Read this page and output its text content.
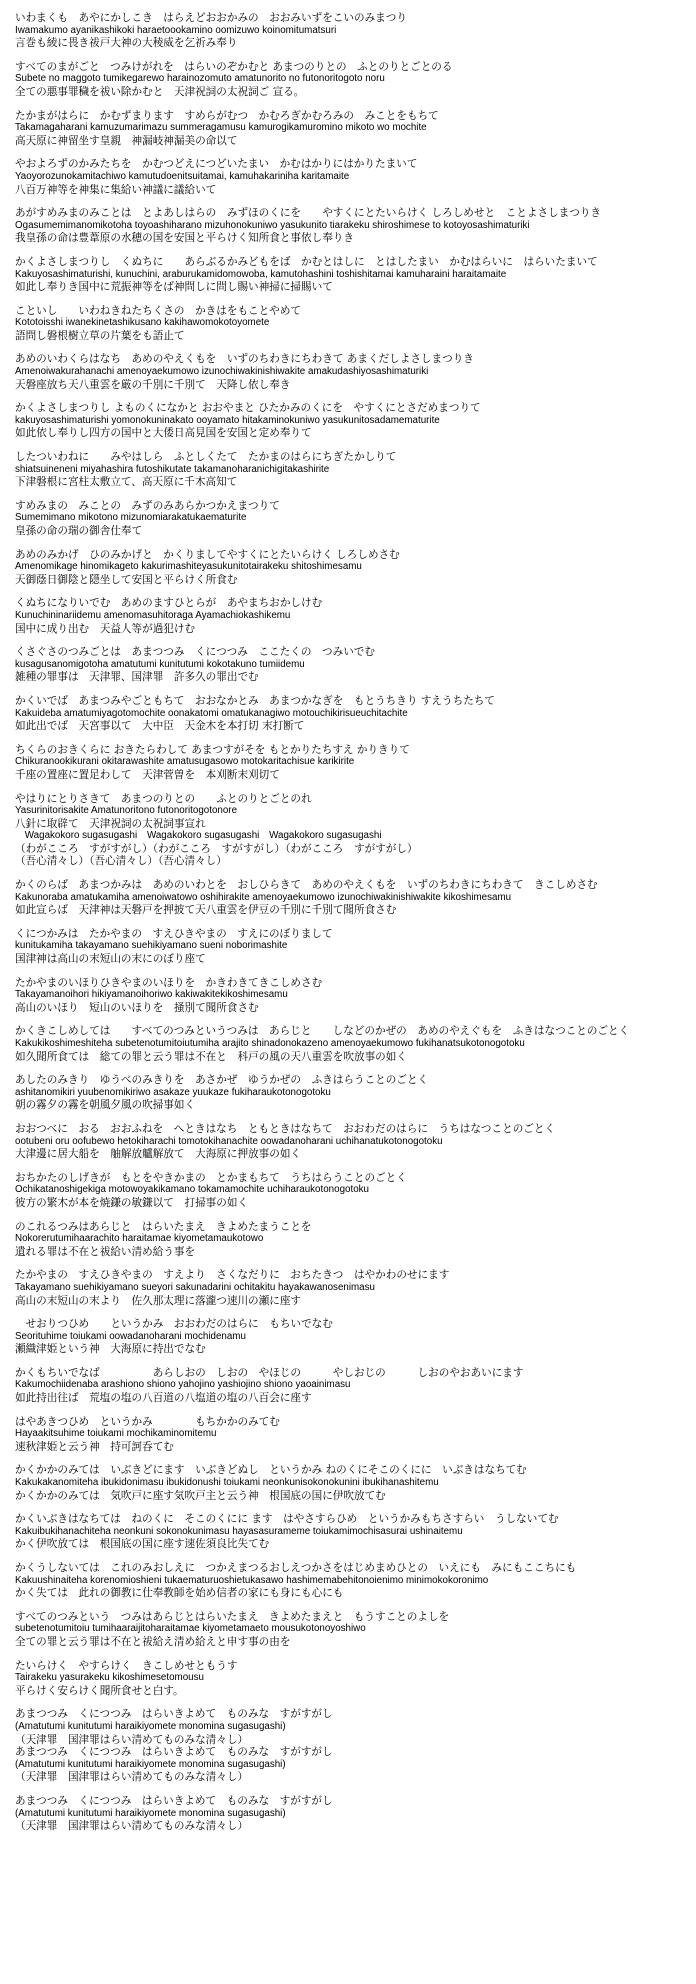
いわまくも　あやにかしこき　はらえどおおかみの　おおみいずをこいのみまつり
Iwamakumo ayanikashikoki haraetoookamino oomizuwo koinomitumatsuri
言巻も綾に畏き祓戸大神の大稜威を乞祈み奉り
すべてのまがごと　つみけがれを　はらいのぞかむと あまつのりとの　ふとのりとごとのる
Subete no maggoto tumikegarewo harainozomuto amatunorito no futonoritogoto noru
全ての悪事罪穢を祓い除かむと　天津祝詞の太祝詞ご 宣る。
たかまがはらに　かむずまります　すめらがむつ　かむろぎかむろみの　みことをもちて
Takamagaharani kamuzumarimazu summeragamusu kamurogikamuromino mikoto wo mochite
高天原に神留坐す皇親　神漏岐神漏美の命以て
やおよろずのかみたちを　かむつどえにつどいたまい　かむはかりにはかりたまいて
Yaoyorozunokamitachiwo kamutudoenitsuitamai, kamuhakariniha karitamaite
八百万神等を神集に集給い神議に議給いて
あがすめみまのみことは　とよあしはらの　みずほのくにを　　やすくにとたいらけく しろしめせと　ことよさしまつりき
Ogasumemimanomikotoha toyoashiharano mizuhonokuniwo yasukunito tiarakeku shiroshimese to kotoyosashimaturiki
我皇孫の命は豊葦原の水穂の国を安国と平らけく知所食と事依し奉りき
かくよさしまつりし　くぬちに　　あらぶるかみどもをば　かむとはしに　とはしたまい　かむはらいに　はらいたまいて
Kakuyosashimaturishi, kunuchini, araburukamidomowoba, kamutohashini toshishitamai kamuharaini haraitamaite
如此し奉りき国中に荒振神等をば神問しに問し賜い神掃に掃賜いて
こといし　　いわねきねたちくさの　かきはをもことやめて
Kototoisshi iwanekinetashikusano kakihawomokotoyomete
語問し磐根樹立草の片葉をも語止て
あめのいわくらはなち　あめのやえくもを　いずのちわきにちわきて あまくだしよさしまつりき
Amenoiwakurahanachi amenoyaekumowo izunochiwakinishiwakite amakudashiyosashimaturiki
天磐座放ち天八重雲を厳の千別に千別て　天降し依し奉き
かくよさしまつりし よものくになかと おおやまと ひたかみのくにを　やすくにとさだめまつりて
kakuyosashimaturishi yomonokuninakato ooyamato hitakaminokuniwo yasukunitosadamematurite
如此依し奉りし四方の国中と大倭日高見国を安国と定め奉りて
したついわねに　　みやはしら　ふとしくたて　たかまのはらにちぎたかしりて
shiatsuineneni miyahashira futoshikutate takamanoharanichigitakashirite
下津磐根に宮柱太敷立て、高天原に千木高知て
すめみまの　みことの　みずのみあらかつかえまつりて
Sumemimano mikotono mizunomiarakatukaematurite
皇孫の命の瑞の御舎仕奉て
あめのみかげ　ひのみかげと　かくりましてやすくにとたいらけく しろしめさむ
Amenomikage hinomikageto kakurimashiteyasukunitotairakeku shitoshimesamu
天御蔭日御陰と隠坐して安国と平らけく所食む
くぬちになりいでむ　あめのますひとらが　あやまちおかしけむ
Kunuchininariidemu amenomasuhitoraga Ayamachiokashikemu
国中に成り出む　天益人等が過犯けむ
くさぐさのつみごとは　あまつつみ　くにつつみ　ここたくの　つみいでむ
kusagusanomigotoha amatutumi kunitutumi kokotakuno tumiidemu
雑種の罪事は　天津罪、国津罪　許多久の罪出でむ
かくいでば　あまつみやごともちて　おおなかとみ　あまつかなぎを　もとうちきり すえうちたちて
Kakuideba amatumiyagotomochite oonakatomi omatukanagiwo motouchikirisueuchitachite
如此出でば　天宮事以て　大中臣　天金木を本打切 末打断て
ちくらのおきくらに おきたらわして あまつすがそを もとかりたちすえ かりきりて
Chikuranookikurani okitarawashite amatusugasowo motokaritachisue karikirite
千座の置座に置足わして　天津菅曽を　本刈断末刈切て
やはりにとりさきて　あまつのりとの　　ふとのりとごとのれ
Yasurinitorisakite Amatunoritono futonoritogotonore
八針に取辟て　天津祝詞の太祝詞事宣れ
　Wagakokoro sugasugashi　Wagakokoro sugasugashi　Wagakokoro sugasugashi
（わがこころ　すがすがし）（わがこころ　すがすがし）（わがこころ　すがすがし）
（吾心清々し）（吾心清々し）（吾心清々し）
かくのらば　あまつかみは　あめのいわとを　おしひらきて　あめのやえくもを　いずのちわきにちわきて　きこしめさむ
Kakunoraba amatukamiha amenoiwatowo oshihirakite amenoyaekumowo izunochiwakinishiwakite kikoshimesamu
如此宣らば　天津神は天磐戸を押披て天八重雲を伊豆の千別に千別て聞所食さむ
くにつかみは　たかやまの　すえひきやまの　すえにのぼりまして
kunitukamiha takayamano suehikiyamano sueni noborimashite
国津神は高山の末短山の末にのぼり座て
たかやまのいほりひきやまのいほりを　かきわきてきこしめさむ
Takayamanoihori hikiyamanoihoriwo kakiwakitekikoshimesamu
高山のいほり　短山のいほりを　掻別て聞所食さむ
かくきこしめしては　　すべてのつみというつみは　あらじと　　しなどのかぜの　あめのやえぐもを　ふきはなつことのごとく
Kakukikoshimeshiteha subetenotumitoiutumiha arajito shinadonokazeno amenoyaekumowo fukihanatsukotonogotoku
如久聞所食ては　総ての罪と云う罪は不在と　科戸の風の天八重雲を吹放事の如く
あしたのみきり　ゆうべのみきりを　あさかぜ　ゆうかぜの　ふきはらうことのごとく
ashitanomikiri yuubenomikiriwo asakaze yuukaze fukiharaukotonogotoku
朝の霧夕の霧を朝風夕風の吹掃事如く
おおつべに　おる　おおふねを　へときはなち　ともときはなちて　おおわだのはらに　うちはなつことのごとく
ootubeni oru oofubewo hetokiharachi tomotokihanachite oowadanoharani uchihanatukotonogotoku
大津邊に居大船を　舳解放艫解放て　大海原に押放事の如く
おちかたのしげきが　もとをやきかまの　とかまもちて　うちはらうことのごとく
Ochikatanoshigekiga motowoyakikamano tokamamochite uchiharaukotonogotoku
彼方の繁木が本を焼鎌の敏鎌以て　打掃事の如く
のこれるつみはあらじと　はらいたまえ　きよめたまうことを
Nokorerutumihaarachito haraitamae kiyometamaukotowo
遺れる罪は不在と祓給い清め給う事を
たかやまの　すえひきやまの　すえより　さくなだりに　おちたきつ　はやかわのせにます
Takayamano suehikiyamano sueyori sakunadarini ochitakitu hayakawanosenimasu
高山の末短山の末より　佐久那太理に落瀧つ速川の瀬に座す
　せおりつひめ　　というかみ　おおわだのはらに　もちいでなむ
Seorituhime toiukami oowadanoharani mochidenamu
瀬織津姫という神　大海原に持出でなむ
かくもちいでなば　　　　　あらしおの　しおの　やほじの　　　やしおじの　　　しおのやおあいにます
Kakumochiidenaba arashiono shiono yahojino yashiojino shiono yaoainimasu
如此持出往ば　荒塩の塩の八百道の八塩道の塩の八百会に座す
はやあきつひめ　というかみ　　　　もちかかのみてむ
Hayaakitsuhime toiukami mochikaminomitemu
速秋津姫と云う神　持可訶呑てむ
かくかかのみては　いぶきどにます　いぶきどぬし　というかみ ねのくにそこのくにに　いぶきはなちてむ
Kakukakanomiteha ibukidonimasu ibukidonushi toiukami neonkunisokonokunini ibukihanashitemu
かくかかのみては　気吹戸に座す気吹戸主と云う神　根国底の国に伊吹放てむ
かくいぶきはなちては　ねのくに　そこのくにに ます　はやさすらひめ　というかみもちさすらい　うしないてむ
Kakuibukihanachiteha neonkuni sokonokunimasu hayasasurameme toiukamimochisasurai ushinaitemu
かく伊吹放ては　根国底の国に座す速佐須良比失てむ
かくうしないては　これのみおしえに　つかえまつるおしえつかさをはじめまめひとの　いえにも　みにもここちにも
Kakuushinaiteha korenomioshieni tukaematuruoshietukasawo hashimemabehitonoienimo minimokokoronimo
かく失ては　此れの御教に仕奉教師を始め信者の家にも身にも心にも
すべてのつみという　つみはあらじとはらいたまえ　きよめたまえと　もうすことのよしを
subetenotumitoiu tumihaaraijitoharaitamae kiyometamaeto mousukotonoyoshiwo
全ての罪と云う罪は不在と祓給え清め給えと申す事の由を
たいらけく　やすらけく　きこしめせともうす
Tairakeku yasurakeku kikoshimesetomousu
平らけく安らけく聞所食せと白す。
あまつつみ　くにつつみ　はらいきよめて　ものみな　すがすがし
(Amatutumi kunitutumi haraikiyomete monomina sugasugashi)
（天津罪　国津罪はらい清めてものみな清々し）
あまつつみ　くにつつみ　はらいきよめて　ものみな　すがすがし
(Amatutumi kunitutumi haraikiyomete monomina sugasugashi)
（天津罪　国津罪はらい清めてものみな清々し）
あまつつみ　くにつつみ　はらいきよめて　ものみな　すがすがし
(Amatutumi kunitutumi haraikiyomete monomina sugasugashi)
（天津罪　国津罪はらい清めてものみな清々し）
